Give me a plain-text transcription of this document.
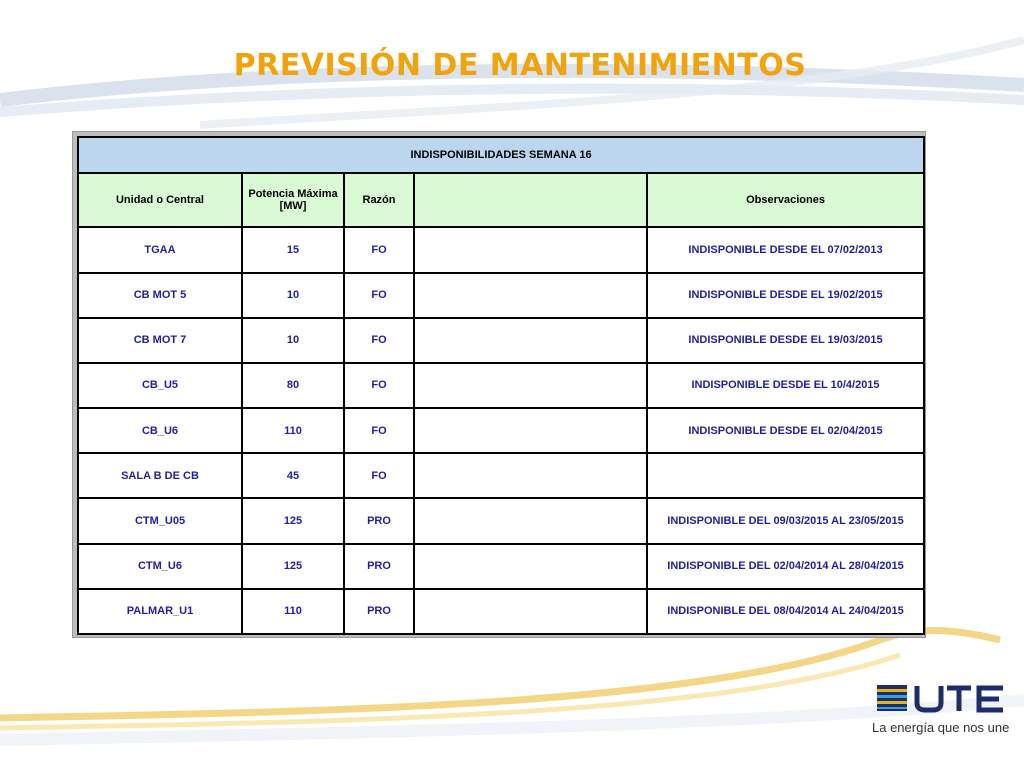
PREVISIÓN DE MANTENIMIENTOS
INDISPONIBILIDADES SEMANA 16				
Unidad o Central	Potencia Máxima [MW]	Razón		Observaciones
TGAA	15	FO		INDISPONIBLE DESDE EL 07/02/2013
CB MOT 5	10	FO		INDISPONIBLE DESDE EL 19/02/2015
CB MOT 7	10	FO		INDISPONIBLE DESDE EL 19/03/2015
CB_U5	80	FO		INDISPONIBLE DESDE EL 10/4/2015
CB_U6	110	FO		INDISPONIBLE DESDE EL 02/04/2015
SALA B DE CB	45	FO		
CTM_U05	125	PRO		INDISPONIBLE DEL 09/03/2015 AL 23/05/2015
CTM_U6	125	PRO		INDISPONIBLE DEL 02/04/2014 AL 28/04/2015
PALMAR_U1	110	PRO		INDISPONIBLE DEL 08/04/2014 AL 24/04/2015
La energía que nos une
